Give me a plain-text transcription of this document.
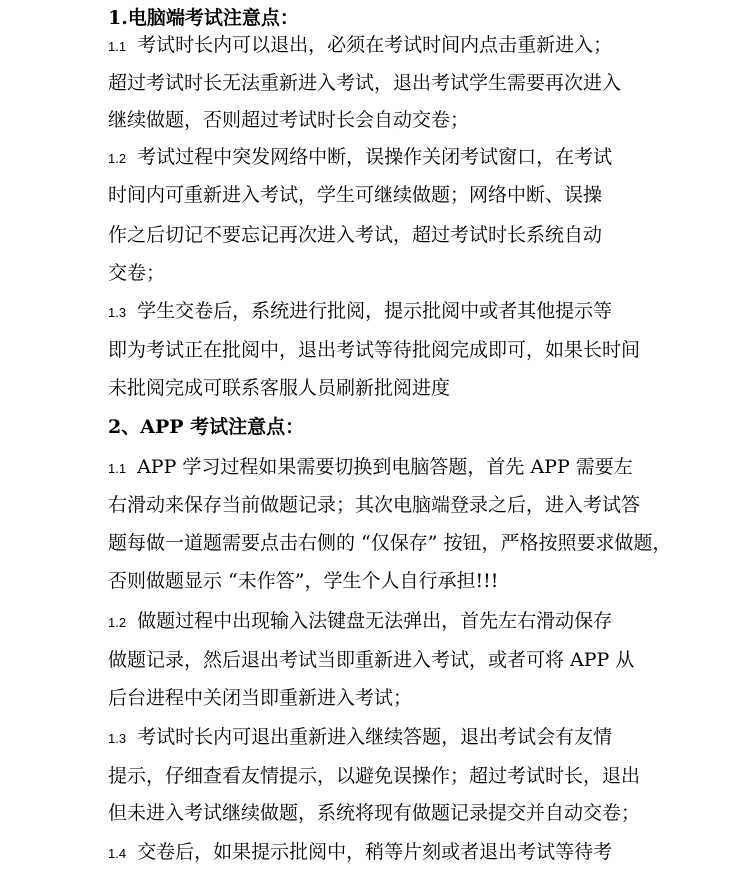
1.电脑端考试注意点：
1.1 考试时长内可以退出，必须在考试时间内点击重新进入；
超过考试时长无法重新进入考试，退出考试学生需要再次进入
继续做题，否则超过考试时长会自动交卷；
1.2 考试过程中突发网络中断，误操作关闭考试窗口，在考试
时间内可重新进入考试，学生可继续做题；网络中断、误操
作之后切记不要忘记再次进入考试，超过考试时长系统自动
交卷；
1.3 学生交卷后，系统进行批阅，提示批阅中或者其他提示等
即为考试正在批阅中，退出考试等待批阅完成即可，如果长时间
未批阅完成可联系客服人员刷新批阅进度
2、APP 考试注意点：
1.1 APP 学习过程如果需要切换到电脑答题，首先 APP 需要左
右滑动来保存当前做题记录；其次电脑端登录之后，进入考试答
题每做一道题需要点击右侧的 “仅保存” 按钮，严格按照要求做题，
否则做题显示 “未作答”，学生个人自行承担!!!
1.2 做题过程中出现输入法键盘无法弹出，首先左右滑动保存
做题记录，然后退出考试当即重新进入考试，或者可将 APP 从
后台进程中关闭当即重新进入考试；
1.3 考试时长内可退出重新进入继续答题，退出考试会有友情
提示，仔细查看友情提示，以避免误操作；超过考试时长，退出
但未进入考试继续做题，系统将现有做题记录提交并自动交卷；
1.4 交卷后，如果提示批阅中，稍等片刻或者退出考试等待考
